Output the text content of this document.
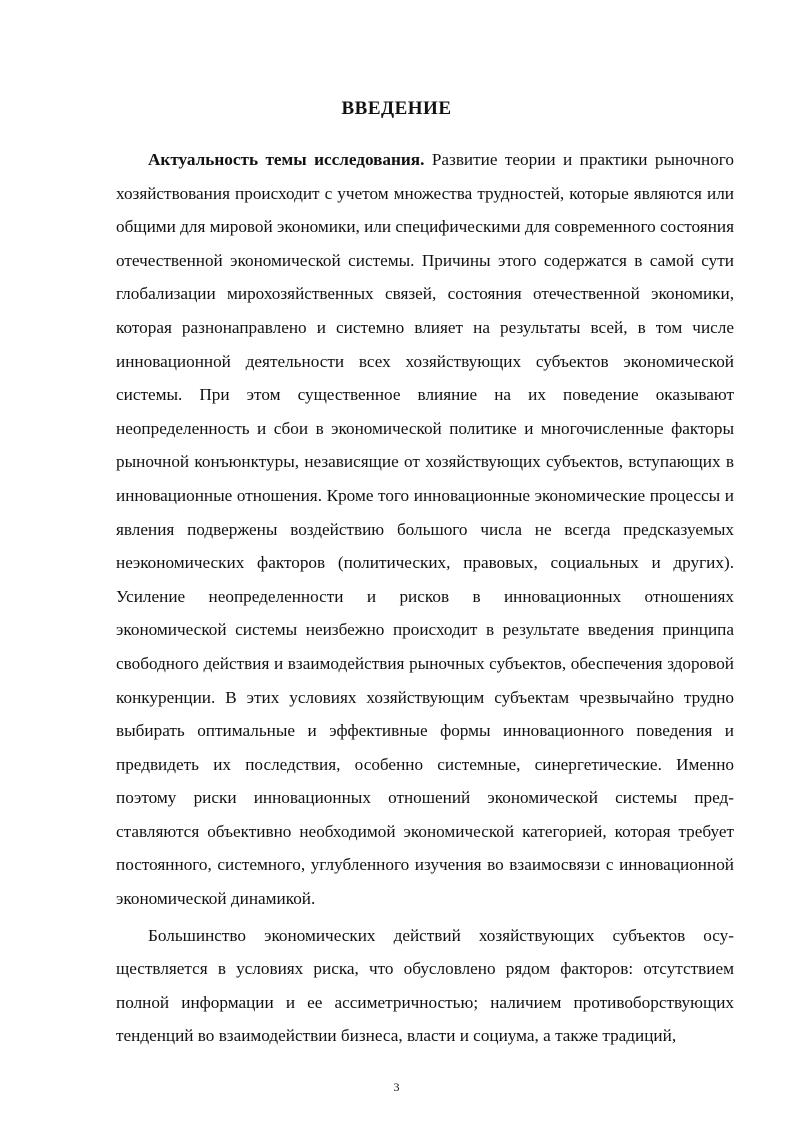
ВВЕДЕНИЕ

Актуальность темы исследования. Развитие теории и практики рыночного хозяйствования происходит с учетом множества трудностей, которые являются или общими для мировой экономики, или специфическими для современного состояния отечественной экономической системы. Причины этого содержатся в самой сути глобализации мирохозяйственных связей, состояния отечественной экономики, которая разнонаправлено и системно влияет на результаты всей, в том числе инновационной деятельности всех хозяйствующих субъектов экономической системы. При этом существенное влияние на их поведение оказывают неопределенность и сбои в экономической политике и многочисленные факторы рыночной конъюнктуры, независящие от хозяйствующих субъектов, вступающих в инновационные отношения. Кроме того инновационные экономические процессы и явления подвержены воздействию большого числа не всегда предсказуемых неэкономических факторов (политических, правовых, социальных и других). Усиление неопределенности и рисков в инновационных отношениях экономической системы неизбежно происходит в результате введения принципа свободного действия и взаимодействия рыночных субъектов, обеспечения здоровой конкуренции. В этих условиях хозяйствующим субъектам чрезвычайно трудно выбирать оптимальные и эффективные формы инновационного поведения и предвидеть их последствия, особенно системные, синергетические. Именно поэтому риски инновационных отношений экономической системы представляются объективно необходимой экономической категорией, которая требует постоянного, системного, углубленного изучения во взаимосвязи с инновационной экономической динамикой.

Большинство экономических действий хозяйствующих субъектов осуществляется в условиях риска, что обусловлено рядом факторов: отсутствием полной информации и ее ассиметричностью; наличием противоборствующих тенденций во взаимодействии бизнеса, власти и социума, а также традиций,

3
